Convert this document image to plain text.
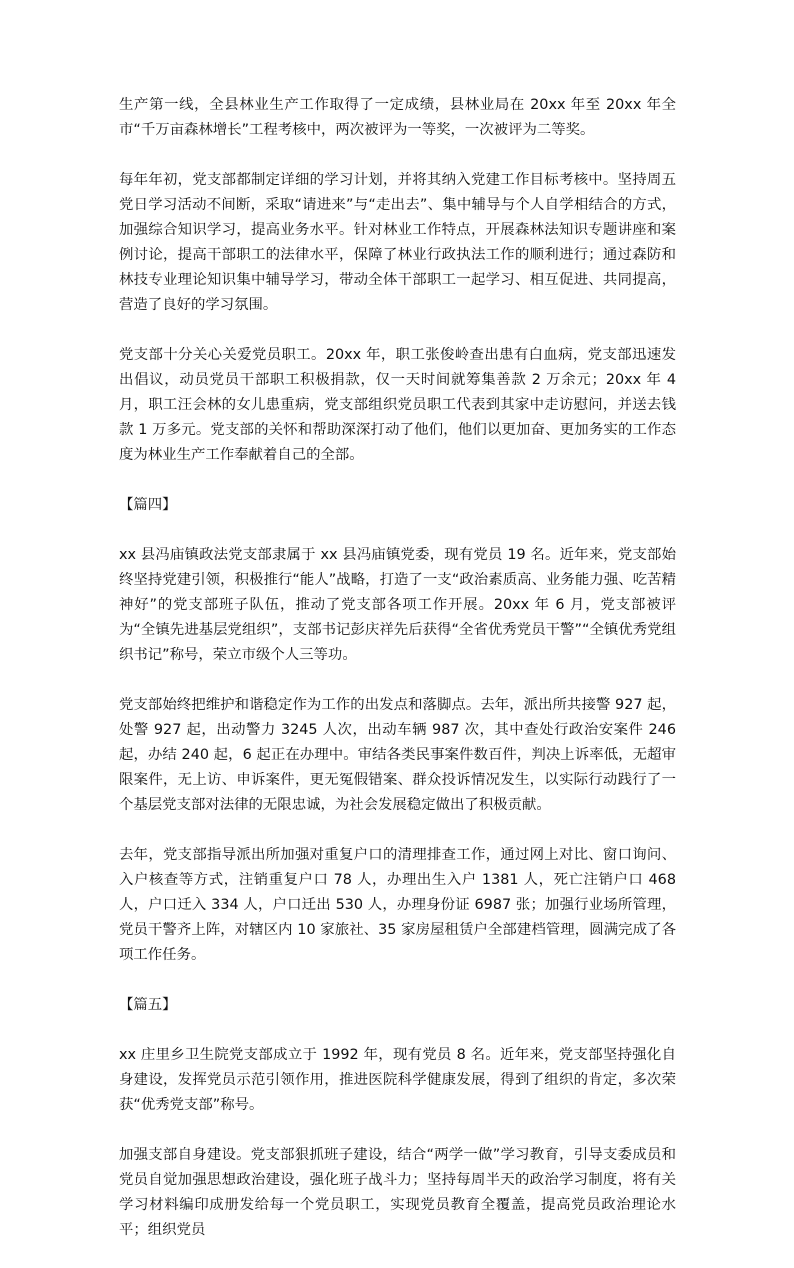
生产第一线，全县林业生产工作取得了一定成绩，县林业局在 20xx 年至 20xx 年全市“千万亩森林增长”工程考核中，两次被评为一等奖，一次被评为二等奖。

每年年初，党支部都制定详细的学习计划，并将其纳入党建工作目标考核中。坚持周五党日学习活动不间断，采取“请进来”与“走出去”、集中辅导与个人自学相结合的方式，加强综合知识学习，提高业务水平。针对林业工作特点，开展森林法知识专题讲座和案例讨论，提高干部职工的法律水平，保障了林业行政执法工作的顺利进行；通过森防和林技专业理论知识集中辅导学习，带动全体干部职工一起学习、相互促进、共同提高，营造了良好的学习氛围。

党支部十分关心关爱党员职工。20xx 年，职工张俊岭查出患有白血病，党支部迅速发出倡议，动员党员干部职工积极捐款，仅一天时间就筹集善款 2 万余元；20xx 年 4 月，职工汪会林的女儿患重病，党支部组织党员职工代表到其家中走访慰问，并送去钱款 1 万多元。党支部的关怀和帮助深深打动了他们，他们以更加奋、更加务实的工作态度为林业生产工作奉献着自己的全部。

【篇四】

xx 县冯庙镇政法党支部隶属于 xx 县冯庙镇党委，现有党员 19 名。近年来，党支部始终坚持党建引领，积极推行“能人”战略，打造了一支“政治素质高、业务能力强、吃苦精神好”的党支部班子队伍，推动了党支部各项工作开展。20xx 年 6 月，党支部被评为“全镇先进基层党组织”，支部书记彭庆祥先后获得“全省优秀党员干警”“全镇优秀党组织书记”称号，荣立市级个人三等功。

党支部始终把维护和谐稳定作为工作的出发点和落脚点。去年，派出所共接警 927 起，处警 927 起，出动警力 3245 人次，出动车辆 987 次，其中查处行政治安案件 246 起，办结 240 起，6 起正在办理中。审结各类民事案件数百件，判决上诉率低，无超审限案件，无上访、申诉案件，更无冤假错案、群众投诉情况发生，以实际行动践行了一个基层党支部对法律的无限忠诚，为社会发展稳定做出了积极贡献。

去年，党支部指导派出所加强对重复户口的清理排查工作，通过网上对比、窗口询问、入户核查等方式，注销重复户口 78 人，办理出生入户 1381 人，死亡注销户口 468 人，户口迁入 334 人，户口迁出 530 人，办理身份证 6987 张；加强行业场所管理，党员干警齐上阵，对辖区内 10 家旅社、35 家房屋租赁户全部建档管理，圆满完成了各项工作任务。

【篇五】

xx 庄里乡卫生院党支部成立于 1992 年，现有党员 8 名。近年来，党支部坚持强化自身建设，发挥党员示范引领作用，推进医院科学健康发展，得到了组织的肯定，多次荣获“优秀党支部”称号。

加强支部自身建设。党支部狠抓班子建设，结合“两学一做”学习教育，引导支委成员和党员自觉加强思想政治建设，强化班子战斗力；坚持每周半天的政治学习制度，将有关学习材料编印成册发给每一个党员职工，实现党员教育全覆盖，提高党员政治理论水平；组织党员
